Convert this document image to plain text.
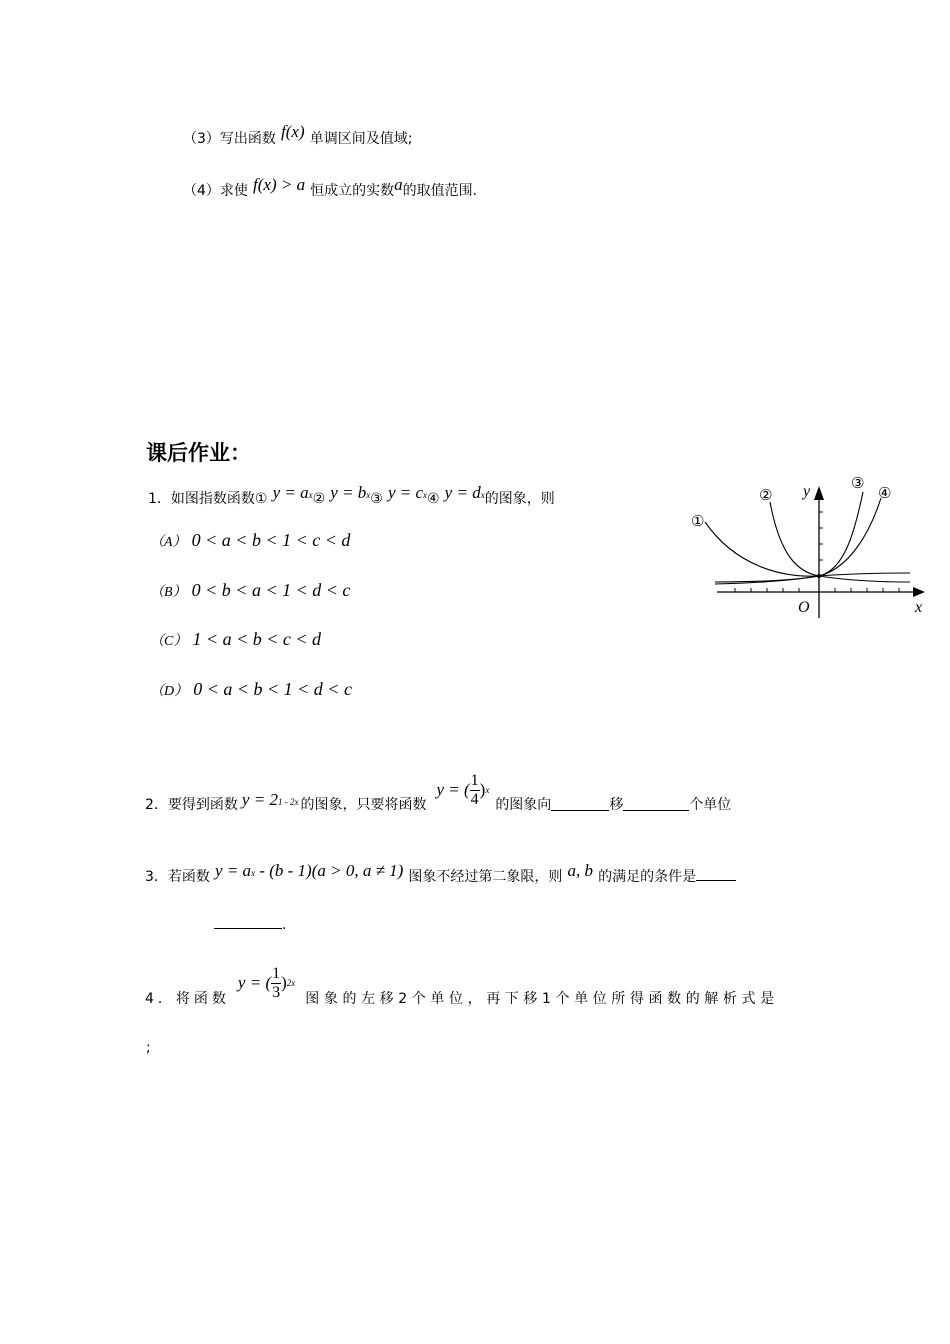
（3）写出函数 f(x) 单调区间及值域;
（4）求使 f(x) > a 恒成立的实数a的取值范围.
课后作业：
1．如图指数函数① y = ax② y = bx③ y = cx④ y = dx的图象，则
（A） 0 < a < b < 1 < c < d
（B） 0 < b < a < 1 < d < c
（C） 1 < a < b < c < d
（D） 0 < a < b < 1 < d < c
①
②
③
④
y
x
O
2． 要得到函数 y = 21 - 2x 的图象，只要将函数
y = ( $\frac{1}{4}$ ) x
的图象向	移	个单位
3．若函数 y = ax - (b - 1)(a > 0, a ≠ 1) 图象不经过第二象限，则 a, b 的满足的条件是
.
4． 将函数
y = ( $\frac{1}{3}$ ) 2x
图象的左移2个单位，再下移1个单位所得函数的解析式是
;
